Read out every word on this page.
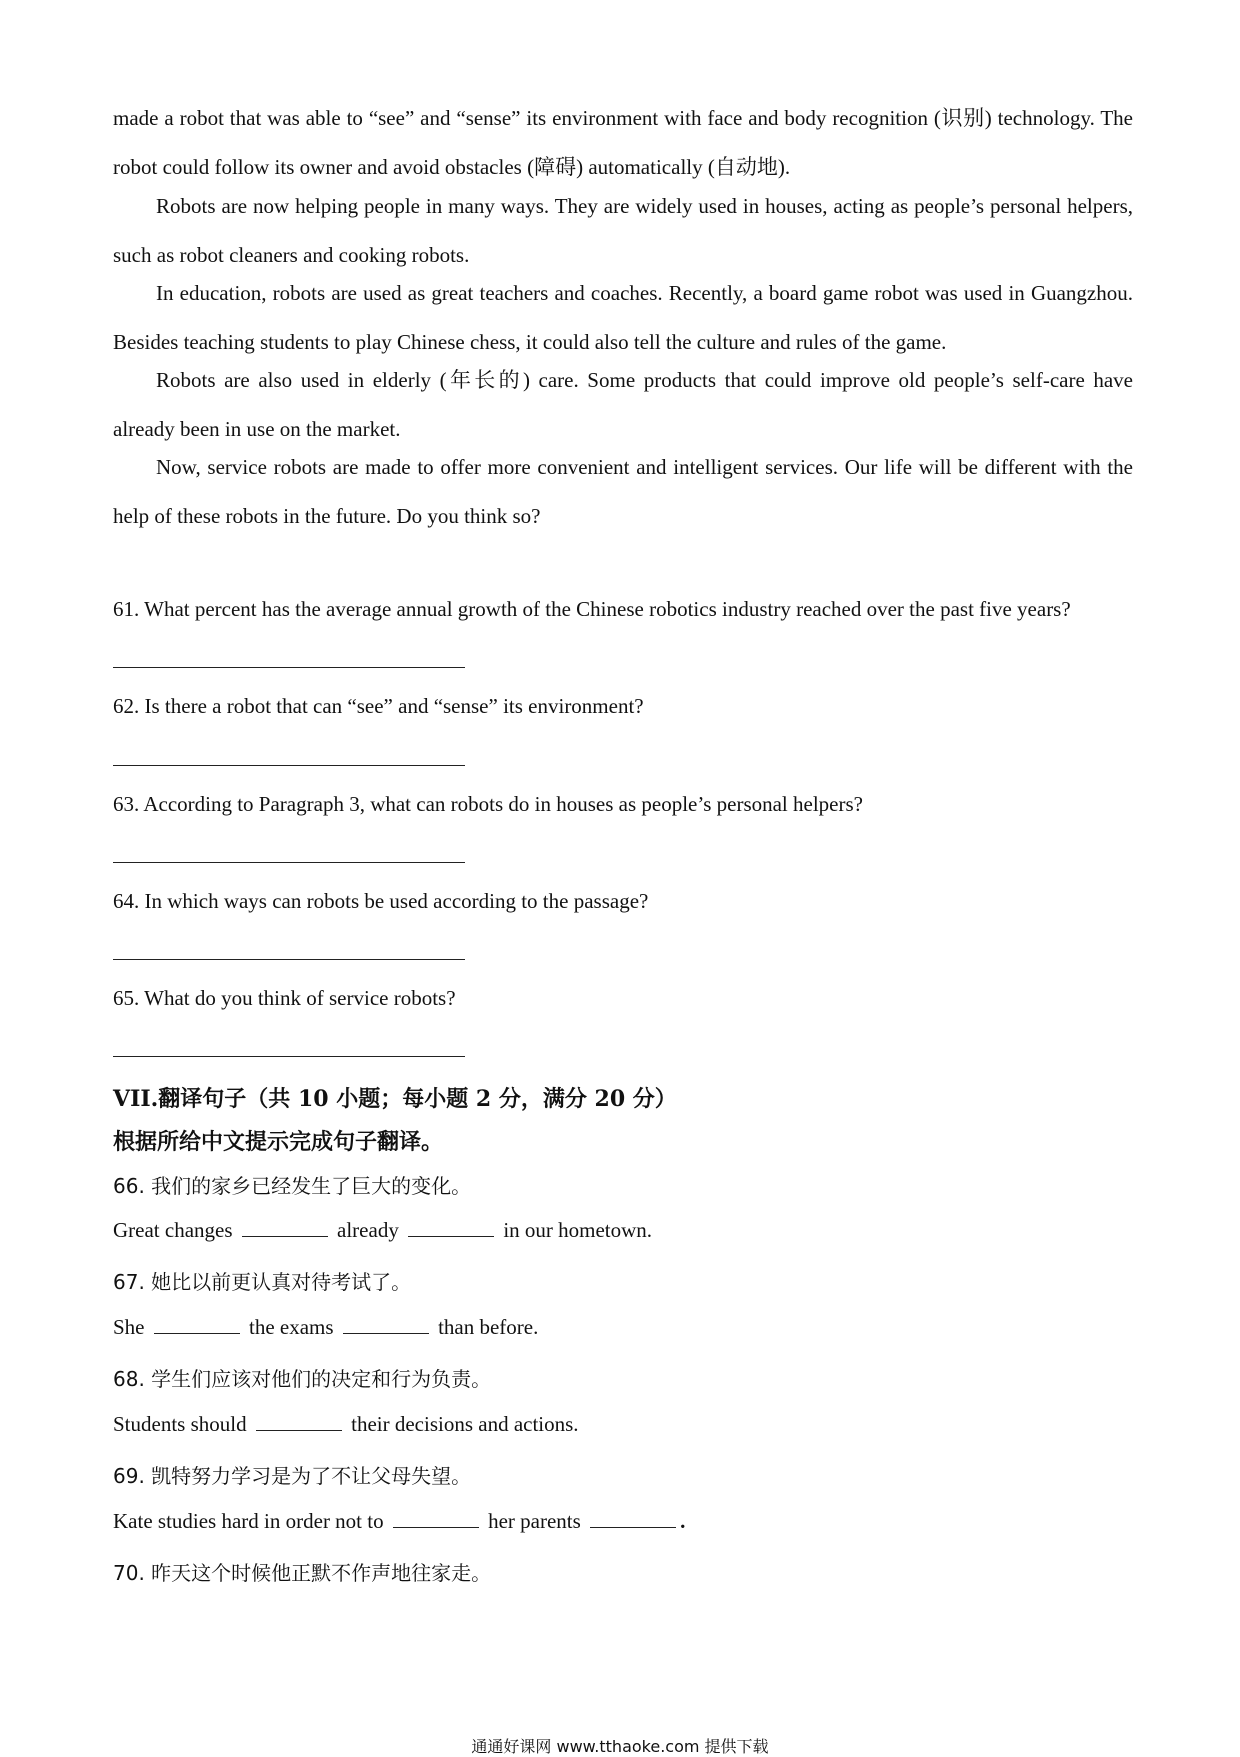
made a robot that was able to “see” and “sense” its environment with face and body recognition (识别) technology. The robot could follow its owner and avoid obstacles (障碍) automatically (自动地).

Robots are now helping people in many ways. They are widely used in houses, acting as people’s personal helpers, such as robot cleaners and cooking robots.

In education, robots are used as great teachers and coaches. Recently, a board game robot was used in Guangzhou. Besides teaching students to play Chinese chess, it could also tell the culture and rules of the game.

Robots are also used in elderly (年长的) care. Some products that could improve old people’s self-care have already been in use on the market.

Now, service robots are made to offer more convenient and intelligent services. Our life will be different with the help of these robots in the future. Do you think so?

61. What percent has the average annual growth of the Chinese robotics industry reached over the past five years?

62. Is there a robot that can “see” and “sense” its environment?

63. According to Paragraph 3, what can robots do in houses as people’s personal helpers?

64. In which ways can robots be used according to the passage?

65. What do you think of service robots?

VII.翻译句子（共 10 小题；每小题 2 分，满分 20 分）

根据所给中文提示完成句子翻译。

66. 我们的家乡已经发生了巨大的变化。

Great changes	already	in our hometown.

67. 她比以前更认真对待考试了。

She	the exams	than before.

68. 学生们应该对他们的决定和行为负责。

Students should	their decisions and actions.

69. 凯特努力学习是为了不让父母失望。

Kate studies hard in order not to	her parents	.

70. 昨天这个时候他正默不作声地往家走。

通通好课网 www.tthaoke.com 提供下载
